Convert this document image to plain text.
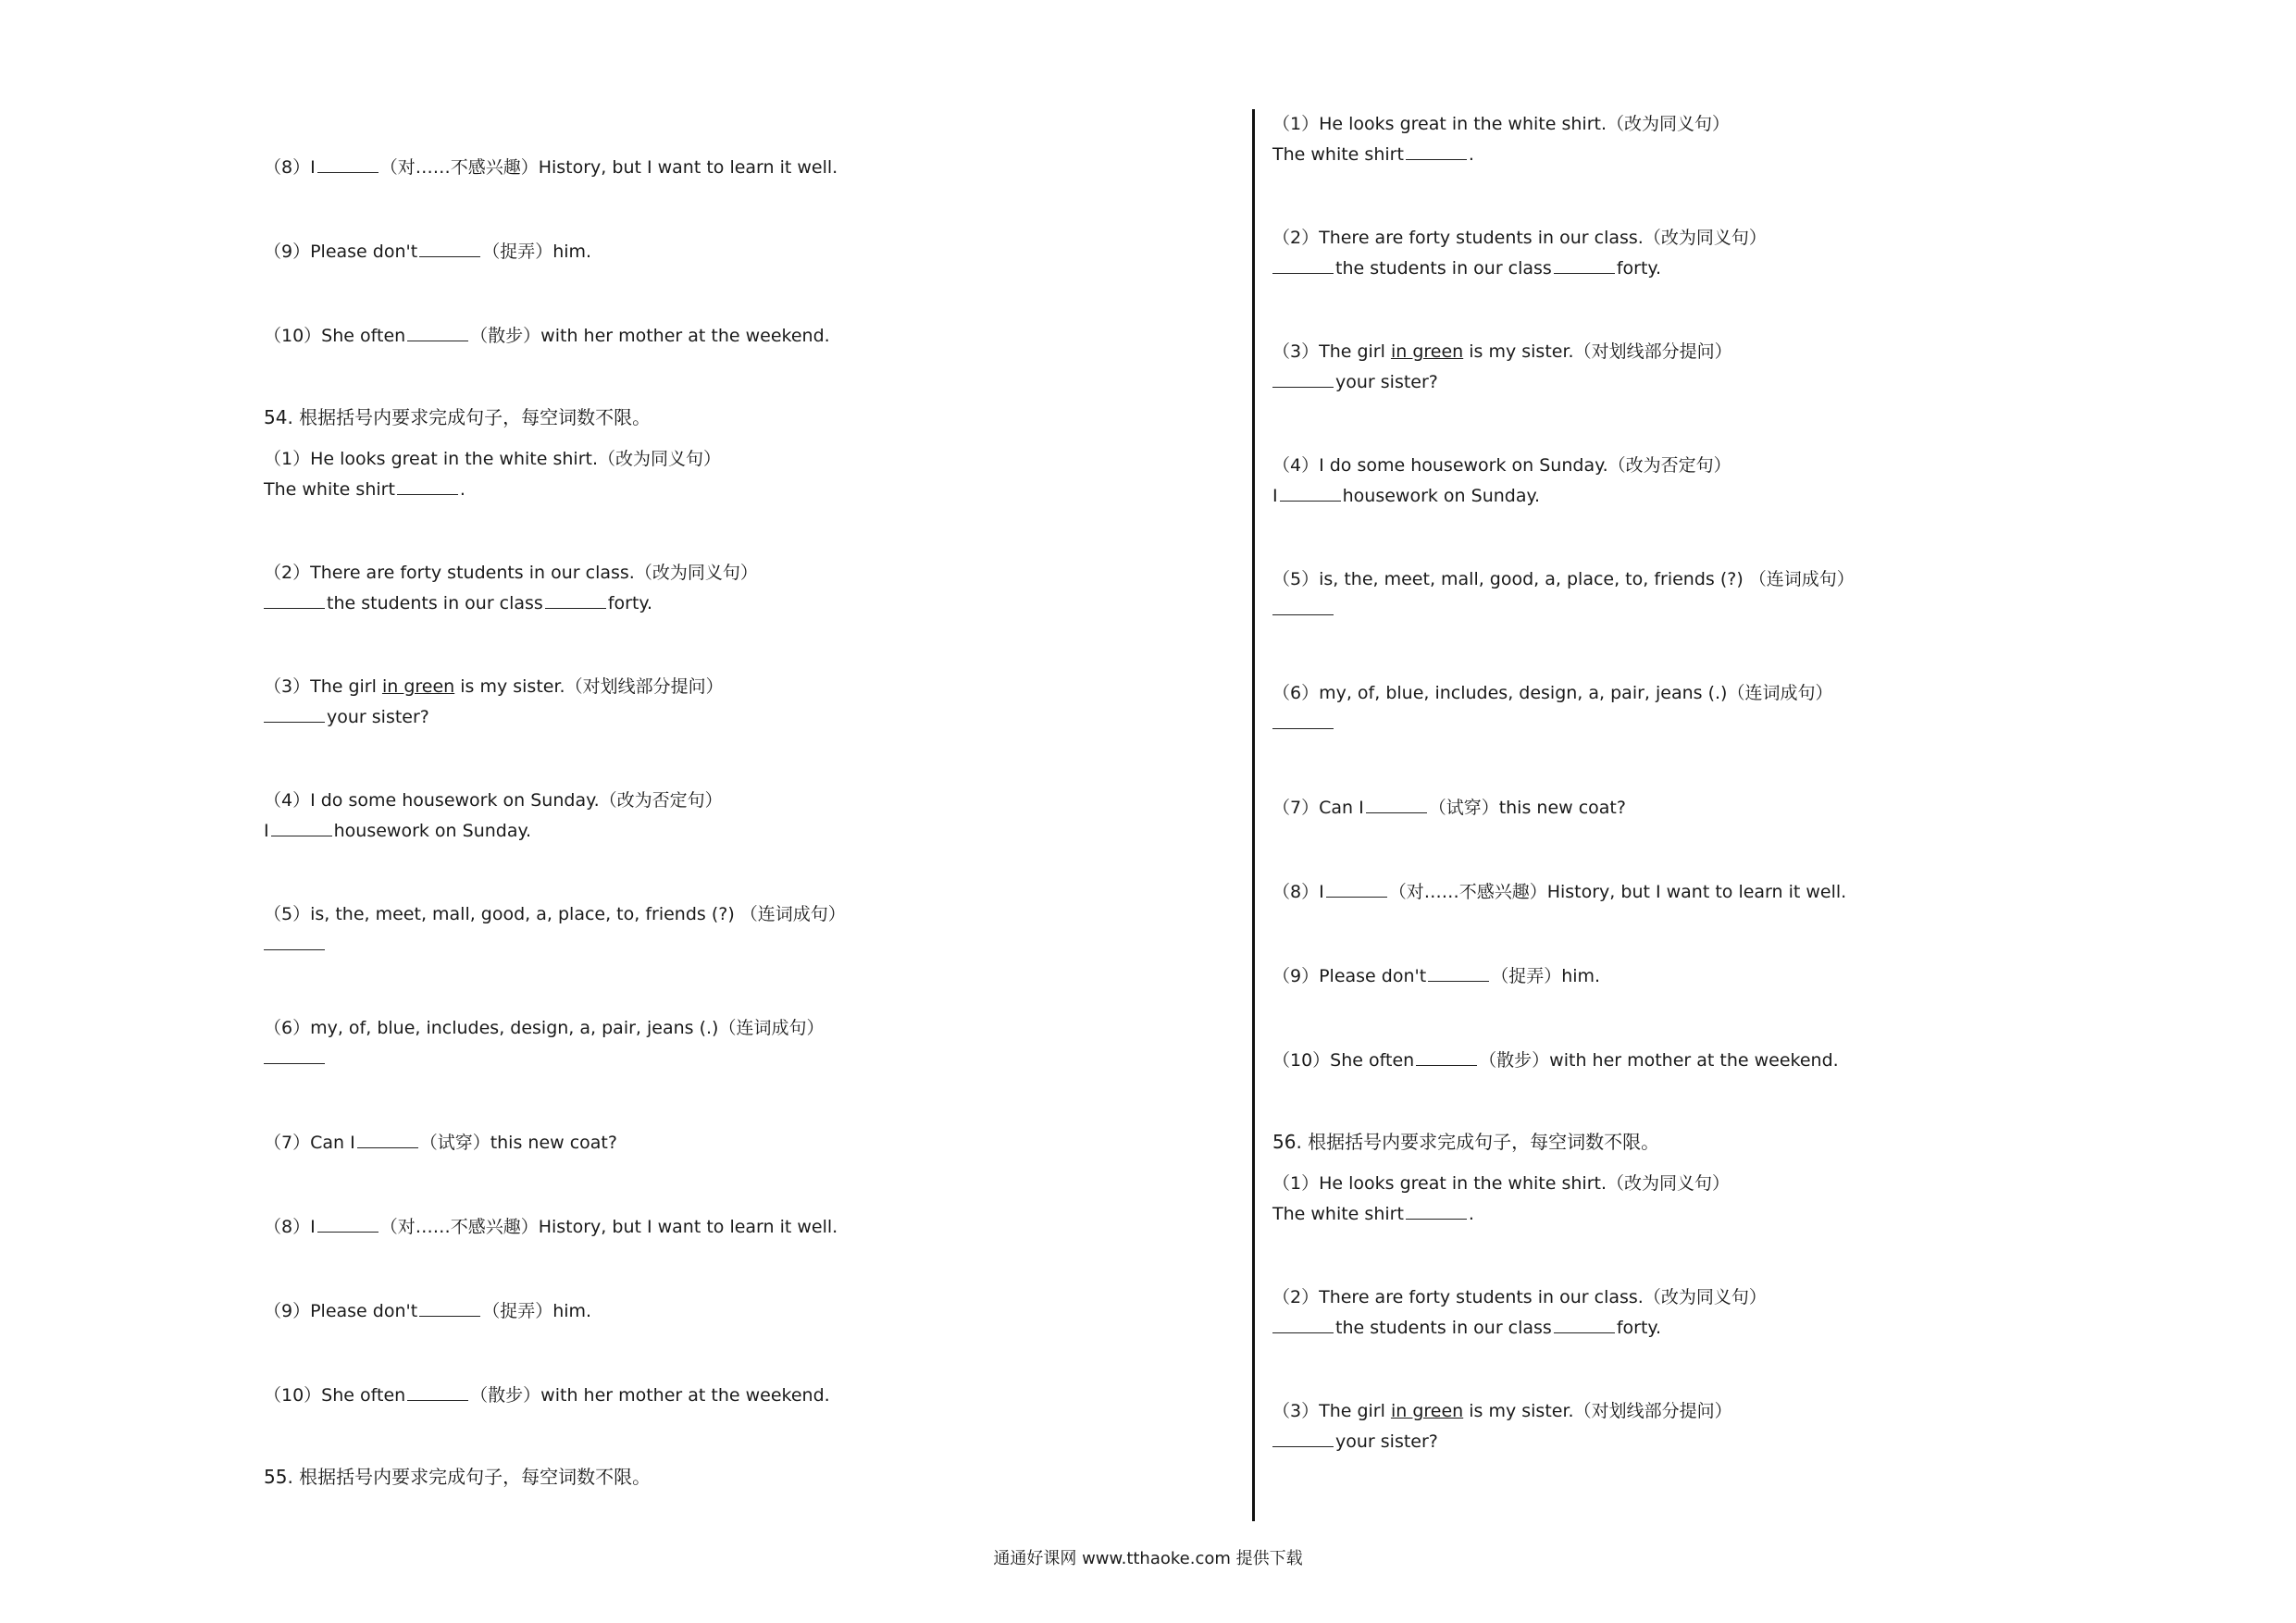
（8）I	（对……不感兴趣）History, but I want to learn it well.
（9）Please don't	（捉弄）him.
（10）She often	（散步）with her mother at the weekend.
54. 根据括号内要求完成句子，每空词数不限。
（1）He looks great in the white shirt.（改为同义句）
The white shirt	.
（2）There are forty students in our class.（改为同义句）
the students in our class	forty.
（3）The girl in green is my sister.（对划线部分提问）
your sister?
（4）I do some housework on Sunday.（改为否定句）
I	housework on Sunday.
（5）is, the, meet, mall, good, a, place, to, friends (?) （连词成句）
（6）my, of, blue, includes, design, a, pair, jeans (.)（连词成句）
（7）Can I	（试穿）this new coat?
（8）I	（对……不感兴趣）History, but I want to learn it well.
（9）Please don't	（捉弄）him.
（10）She often	（散步）with her mother at the weekend.
55. 根据括号内要求完成句子，每空词数不限。
（1）He looks great in the white shirt.（改为同义句）
The white shirt	.
（2）There are forty students in our class.（改为同义句）
the students in our class	forty.
（3）The girl in green is my sister.（对划线部分提问）
your sister?
（4）I do some housework on Sunday.（改为否定句）
I	housework on Sunday.
（5）is, the, meet, mall, good, a, place, to, friends (?) （连词成句）
（6）my, of, blue, includes, design, a, pair, jeans (.)（连词成句）
（7）Can I	（试穿）this new coat?
（8）I	（对……不感兴趣）History, but I want to learn it well.
（9）Please don't	（捉弄）him.
（10）She often	（散步）with her mother at the weekend.
56. 根据括号内要求完成句子，每空词数不限。
（1）He looks great in the white shirt.（改为同义句）
The white shirt	.
（2）There are forty students in our class.（改为同义句）
the students in our class	forty.
（3）The girl in green is my sister.（对划线部分提问）
your sister?
通通好课网 www.tthaoke.com 提供下载
